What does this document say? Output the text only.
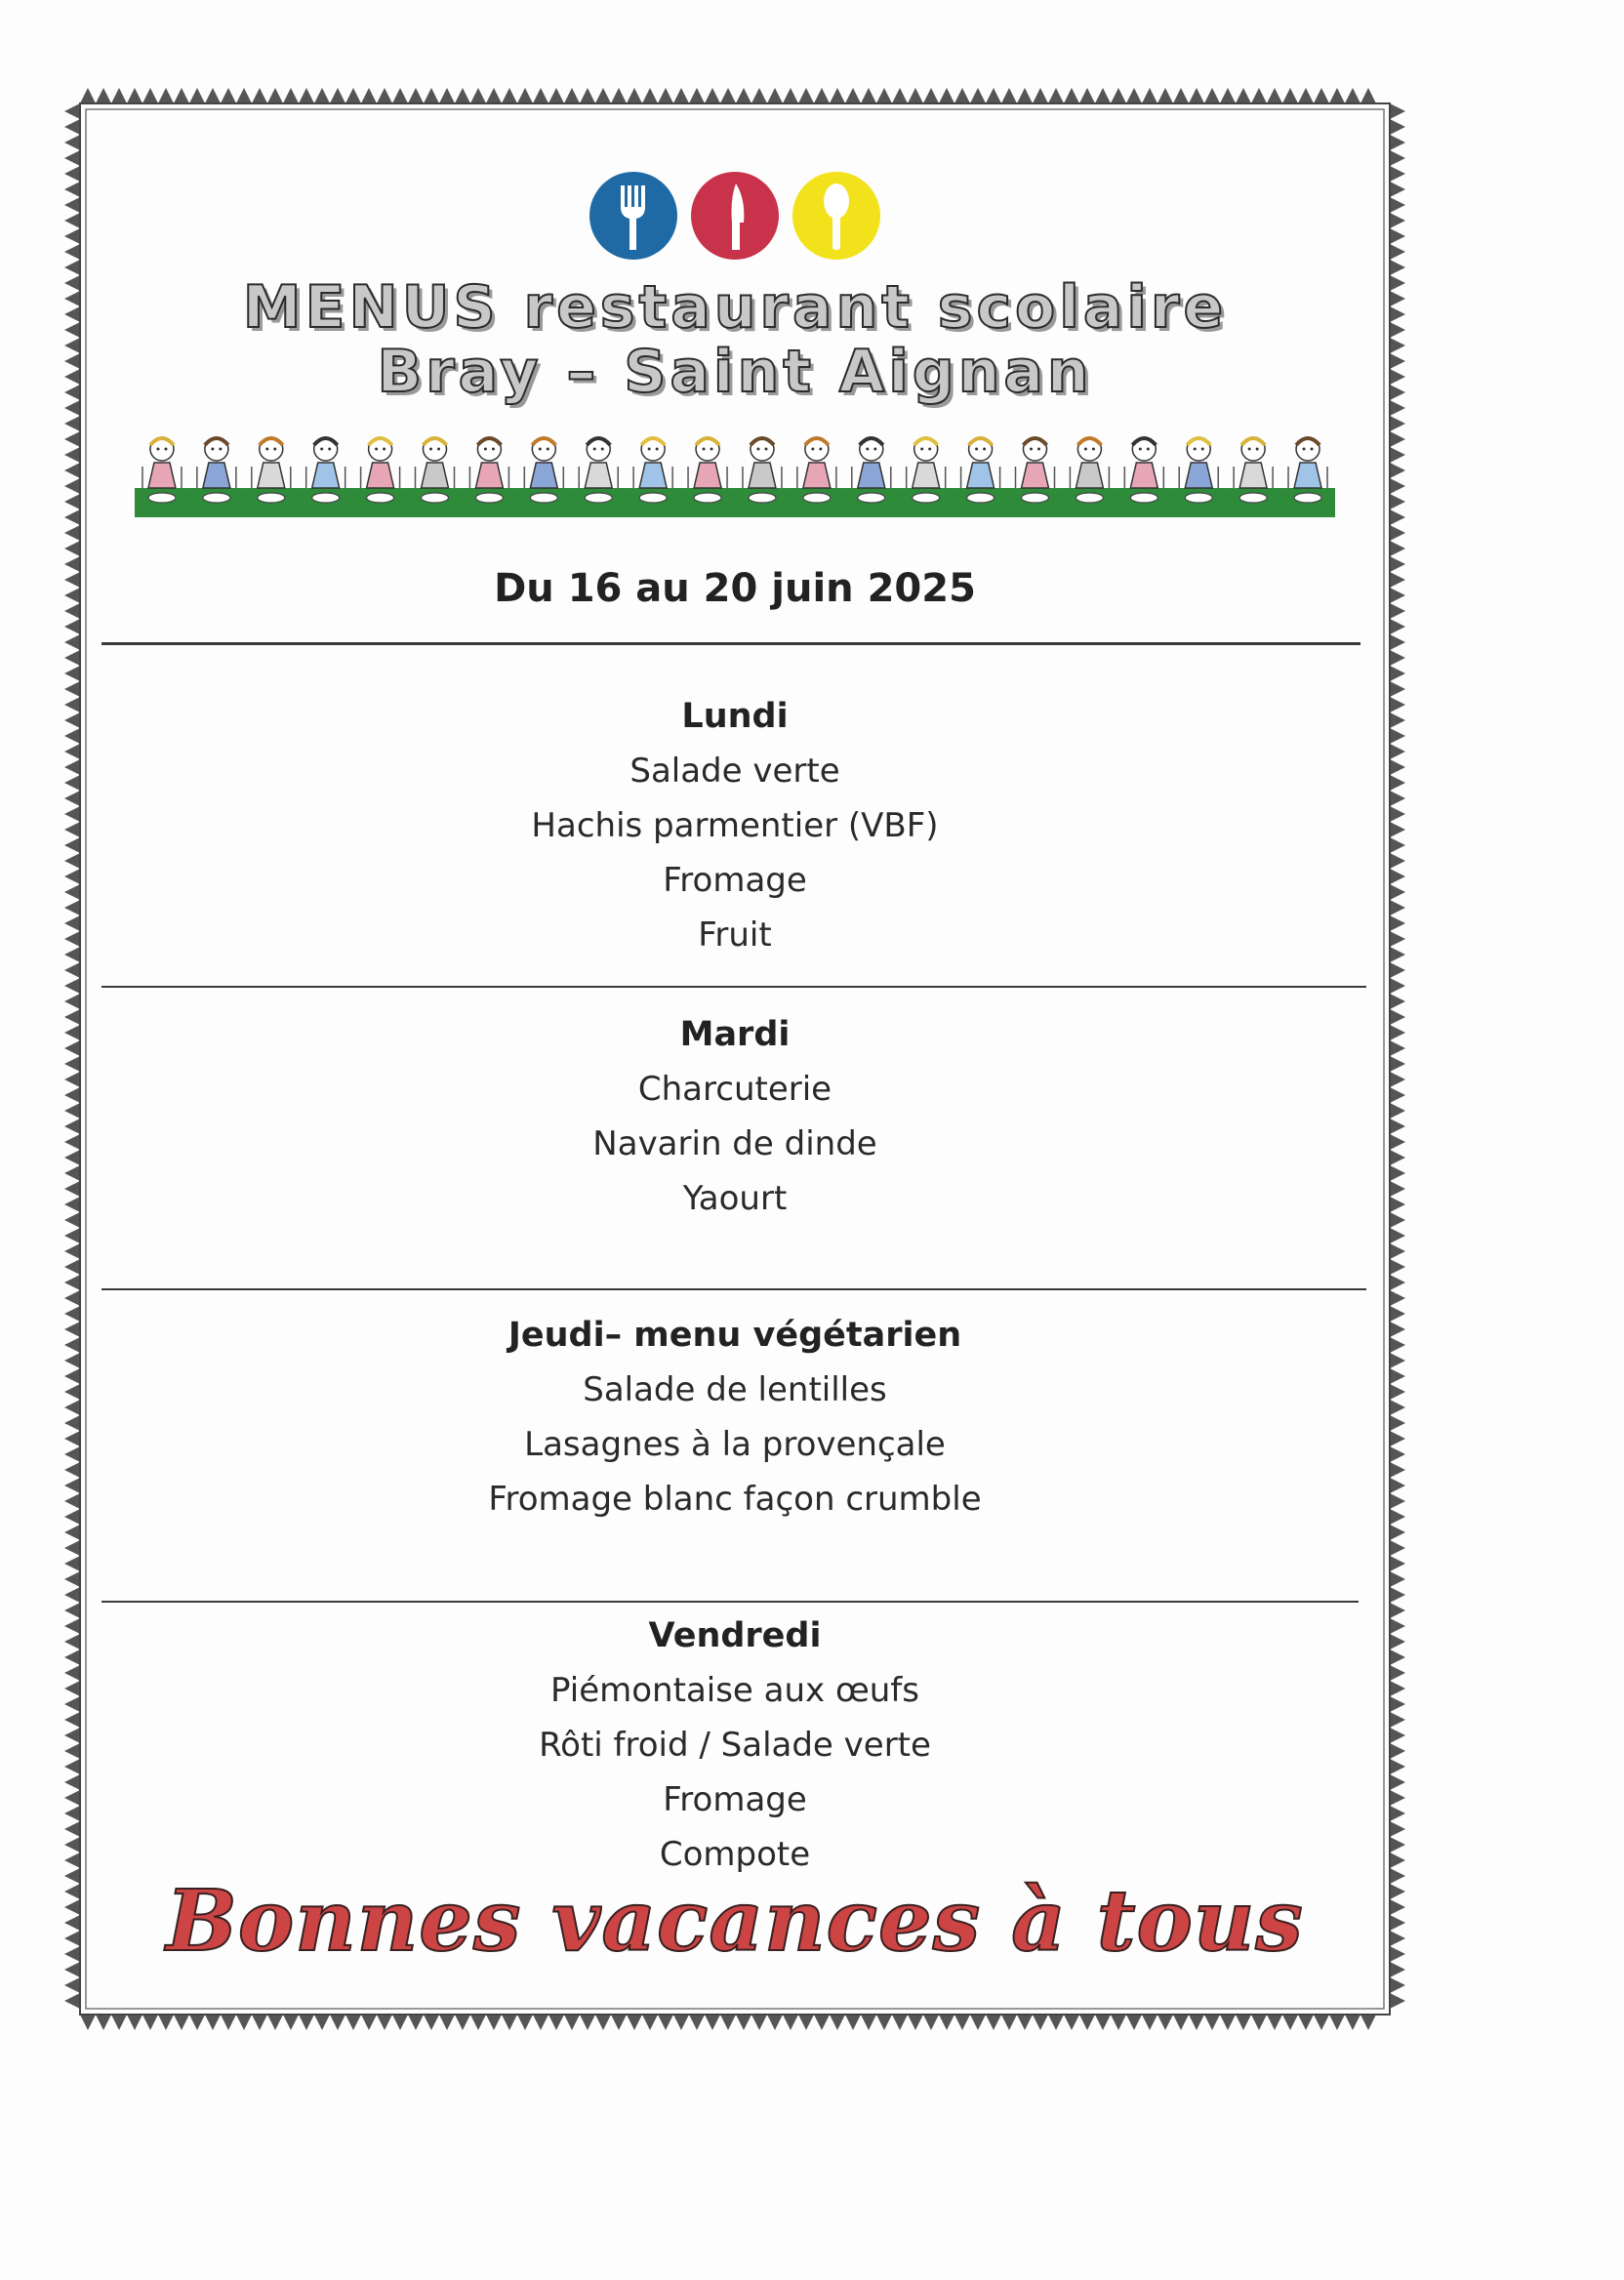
MENUS restaurant scolaire
Bray – Saint Aignan
Du 16 au 20 juin 2025
Lundi
Salade verte
Hachis parmentier (VBF)
Fromage
Fruit
Mardi
Charcuterie
Navarin de dinde
Yaourt
Jeudi– menu végétarien
Salade de lentilles
Lasagnes à la provençale
Fromage blanc façon crumble
Vendredi
Piémontaise aux œufs
Rôti froid / Salade verte
Fromage
Compote
Bonnes vacances à tous
